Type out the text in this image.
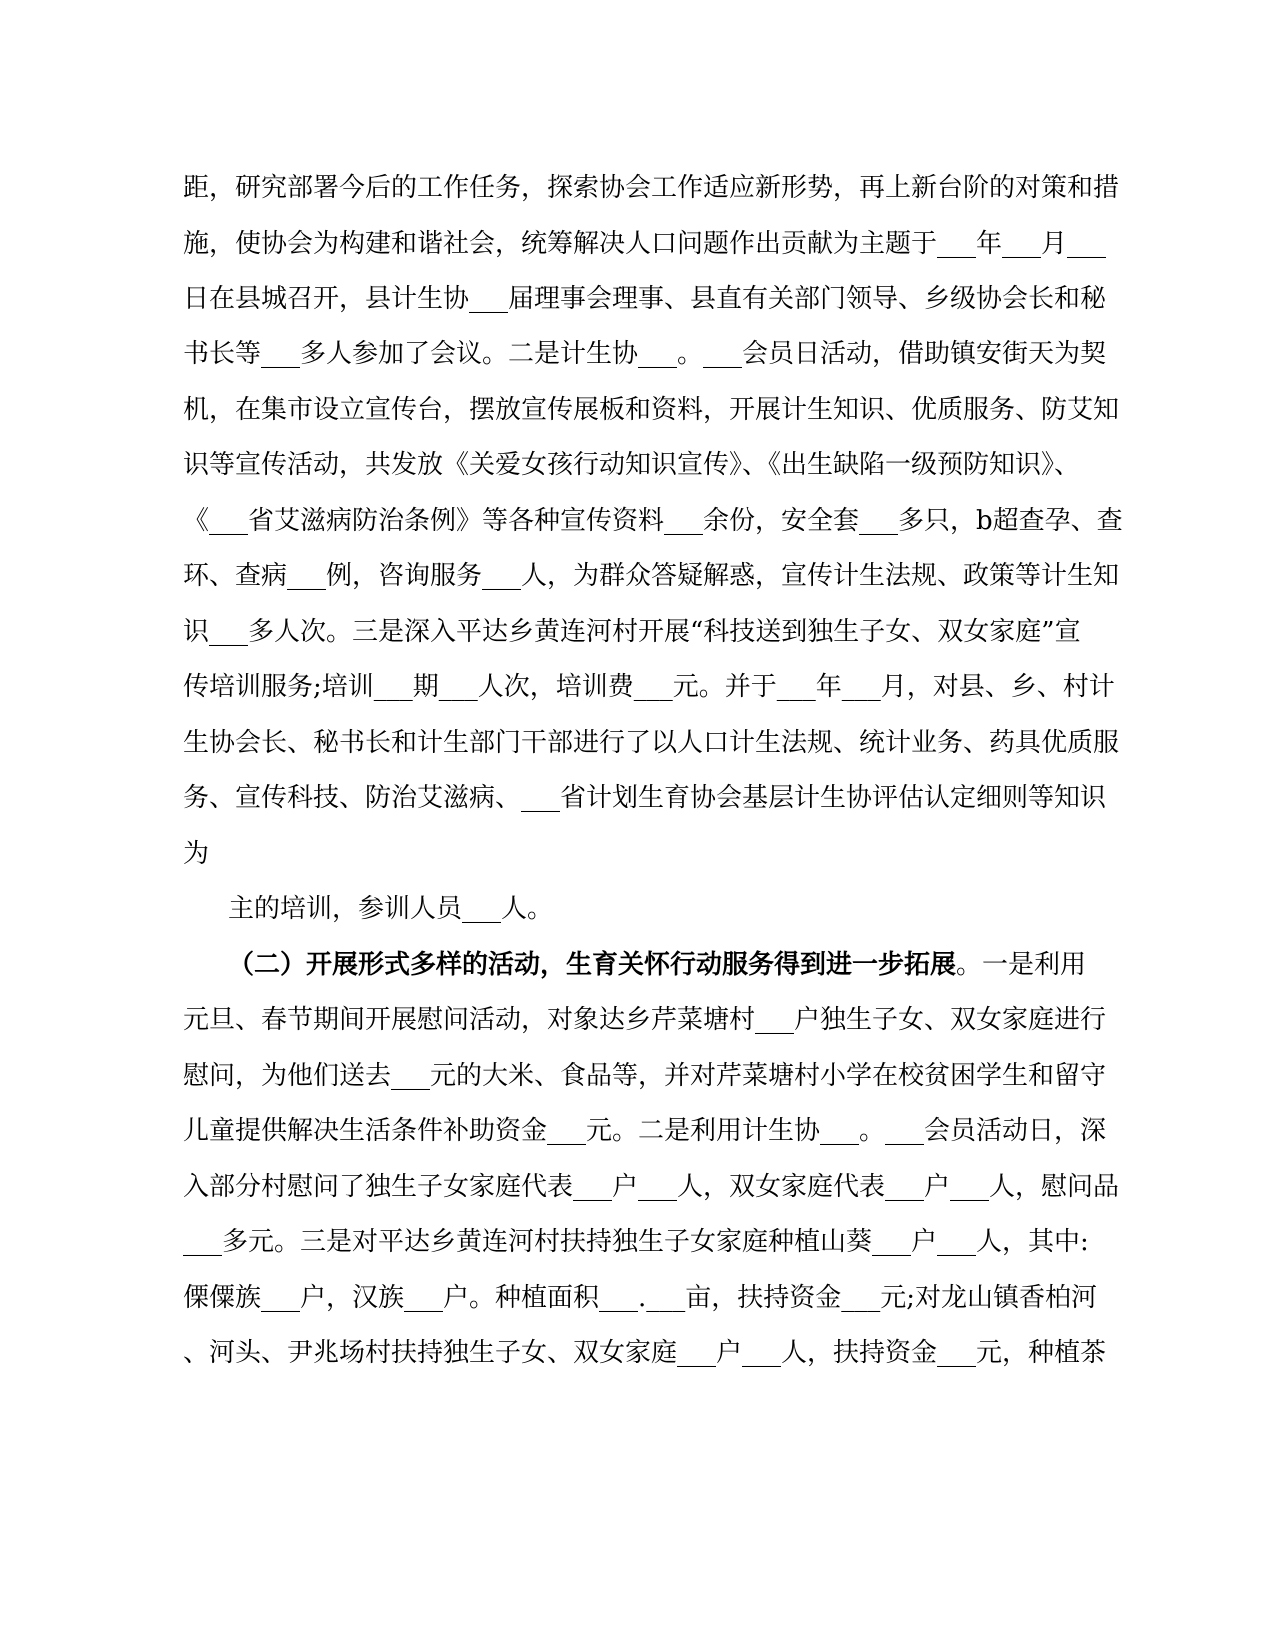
距，研究部署今后的工作任务，探索协会工作适应新形势，再上新台阶的对策和措
施，使协会为构建和谐社会，统筹解决人口问题作出贡献为主题于___年___月___
日在县城召开，县计生协___届理事会理事、县直有关部门领导、乡级协会长和秘
书长等___多人参加了会议。二是计生协___。___会员日活动，借助镇安街天为契
机，在集市设立宣传台，摆放宣传展板和资料，开展计生知识、优质服务、防艾知
识等宣传活动，共发放《关爱女孩行动知识宣传》、《出生缺陷一级预防知识》、
《___省艾滋病防治条例》等各种宣传资料___余份，安全套___多只，b超查孕、查
环、查病___例，咨询服务___人，为群众答疑解惑，宣传计生法规、政策等计生知
识___多人次。三是深入平达乡黄连河村开展“科技送到独生子女、双女家庭”宣
传培训服务;培训___期___人次，培训费___元。并于___年___月，对县、乡、村计
生协会长、秘书长和计生部门干部进行了以人口计生法规、统计业务、药具优质服
务、宣传科技、防治艾滋病、___省计划生育协会基层计生协评估认定细则等知识
为
主的培训，参训人员___人。
（二）开展形式多样的活动，生育关怀行动服务得到进一步拓展。一是利用
元旦、春节期间开展慰问活动，对象达乡芹菜塘村___户独生子女、双女家庭进行
慰问，为他们送去___元的大米、食品等，并对芹菜塘村小学在校贫困学生和留守
儿童提供解决生活条件补助资金___元。二是利用计生协___。___会员活动日，深
入部分村慰问了独生子女家庭代表___户___人，双女家庭代表___户___人，慰问品
___多元。三是对平达乡黄连河村扶持独生子女家庭种植山葵___户___人，其中:
傈僳族___户，汉族___户。种植面积___.___亩，扶持资金___元;对龙山镇香柏河
、河头、尹兆场村扶持独生子女、双女家庭___户___人，扶持资金___元，种植茶
